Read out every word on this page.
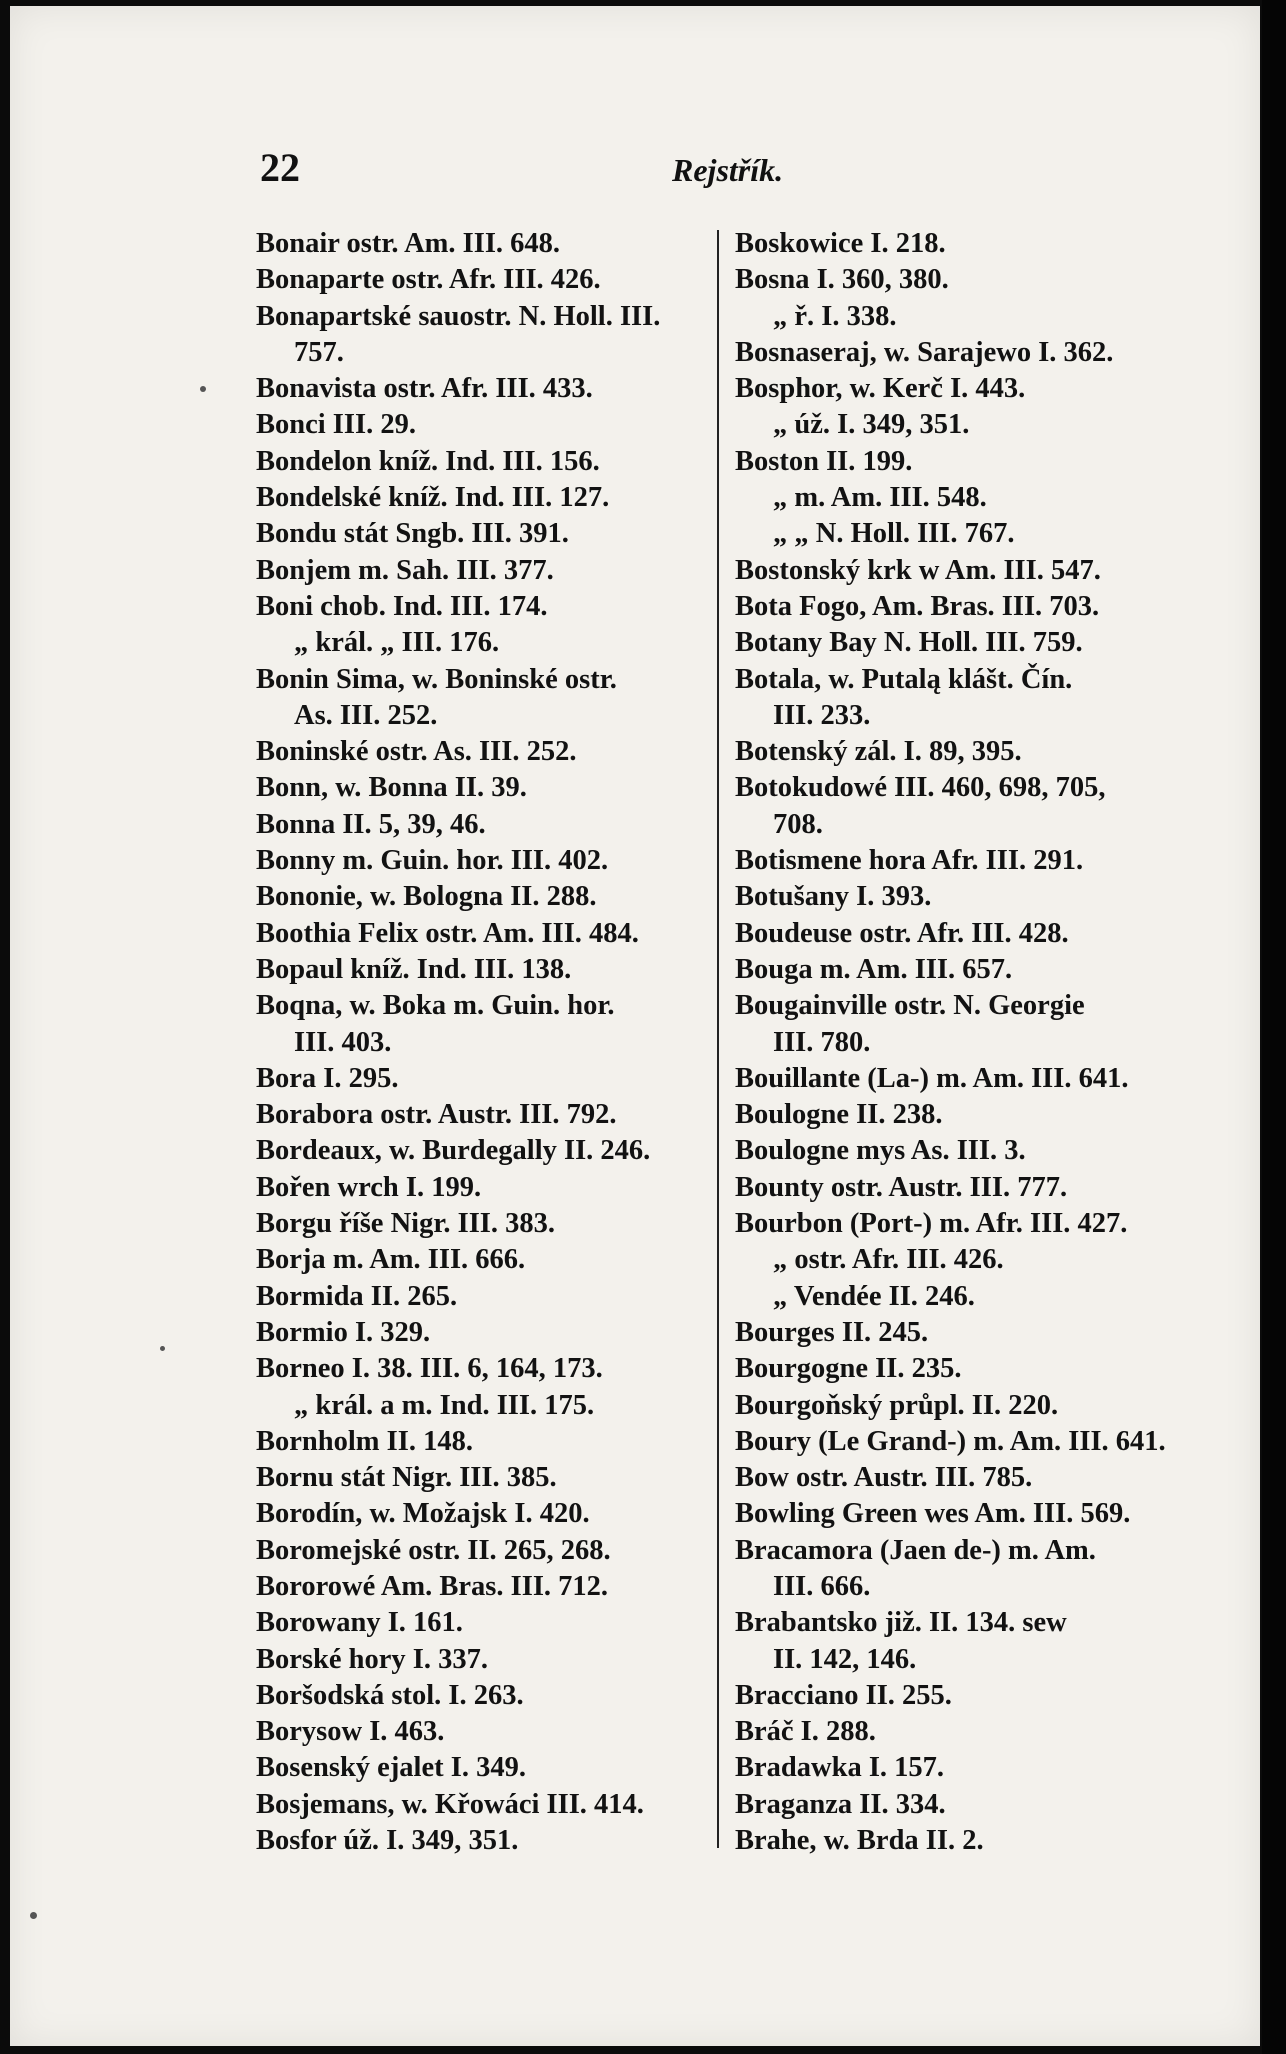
22	Rejstřík.
Bonair ostr. Am. III. 648.
Bonaparte ostr. Afr. III. 426.
Bonapartské sauostr. N. Holl. III.
757.
Bonavista ostr. Afr. III. 433.
Bonci III. 29.
Bondelon kníž. Ind. III. 156.
Bondelské kníž. Ind. III. 127.
Bondu stát Sngb. III. 391.
Bonjem m. Sah. III. 377.
Boni chob. Ind. III. 174.
„ král. „ III. 176.
Bonin Sima, w. Boninské ostr.
As. III. 252.
Boninské ostr. As. III. 252.
Bonn, w. Bonna II. 39.
Bonna II. 5, 39, 46.
Bonny m. Guin. hor. III. 402.
Bononie, w. Bologna II. 288.
Boothia Felix ostr. Am. III. 484.
Bopaul kníž. Ind. III. 138.
Boqna, w. Boka m. Guin. hor.
III. 403.
Bora I. 295.
Borabora ostr. Austr. III. 792.
Bordeaux, w. Burdegally II. 246.
Bořen wrch I. 199.
Borgu říše Nigr. III. 383.
Borja m. Am. III. 666.
Bormida II. 265.
Bormio I. 329.
Borneo I. 38. III. 6, 164, 173.
„ král. a m. Ind. III. 175.
Bornholm II. 148.
Bornu stát Nigr. III. 385.
Borodín, w. Možajsk I. 420.
Boromejské ostr. II. 265, 268.
Bororowé Am. Bras. III. 712.
Borowany I. 161.
Borské hory I. 337.
Boršodská stol. I. 263.
Borysow I. 463.
Bosenský ejalet I. 349.
Bosjemans, w. Křowáci III. 414.
Bosfor úž. I. 349, 351.
Boskowice I. 218.
Bosna I. 360, 380.
„ ř. I. 338.
Bosnaseraj, w. Sarajewo I. 362.
Bosphor, w. Kerč I. 443.
„ úž. I. 349, 351.
Boston II. 199.
„ m. Am. III. 548.
„ „ N. Holl. III. 767.
Bostonský krk w Am. III. 547.
Bota Fogo, Am. Bras. III. 703.
Botany Bay N. Holl. III. 759.
Botala, w. Putalą klášt. Čín.
III. 233.
Botenský zál. I. 89, 395.
Botokudowé III. 460, 698, 705,
708.
Botismene hora Afr. III. 291.
Botušany I. 393.
Boudeuse ostr. Afr. III. 428.
Bouga m. Am. III. 657.
Bougainville ostr. N. Georgie
III. 780.
Bouillante (La-) m. Am. III. 641.
Boulogne II. 238.
Boulogne mys As. III. 3.
Bounty ostr. Austr. III. 777.
Bourbon (Port-) m. Afr. III. 427.
„ ostr. Afr. III. 426.
„ Vendée II. 246.
Bourges II. 245.
Bourgogne II. 235.
Bourgoňský průpl. II. 220.
Boury (Le Grand-) m. Am. III. 641.
Bow ostr. Austr. III. 785.
Bowling Green wes Am. III. 569.
Bracamora (Jaen de-) m. Am.
III. 666.
Brabantsko již. II. 134. sew
II. 142, 146.
Bracciano II. 255.
Bráč I. 288.
Bradawka I. 157.
Braganza II. 334.
Brahe, w. Brda II. 2.
